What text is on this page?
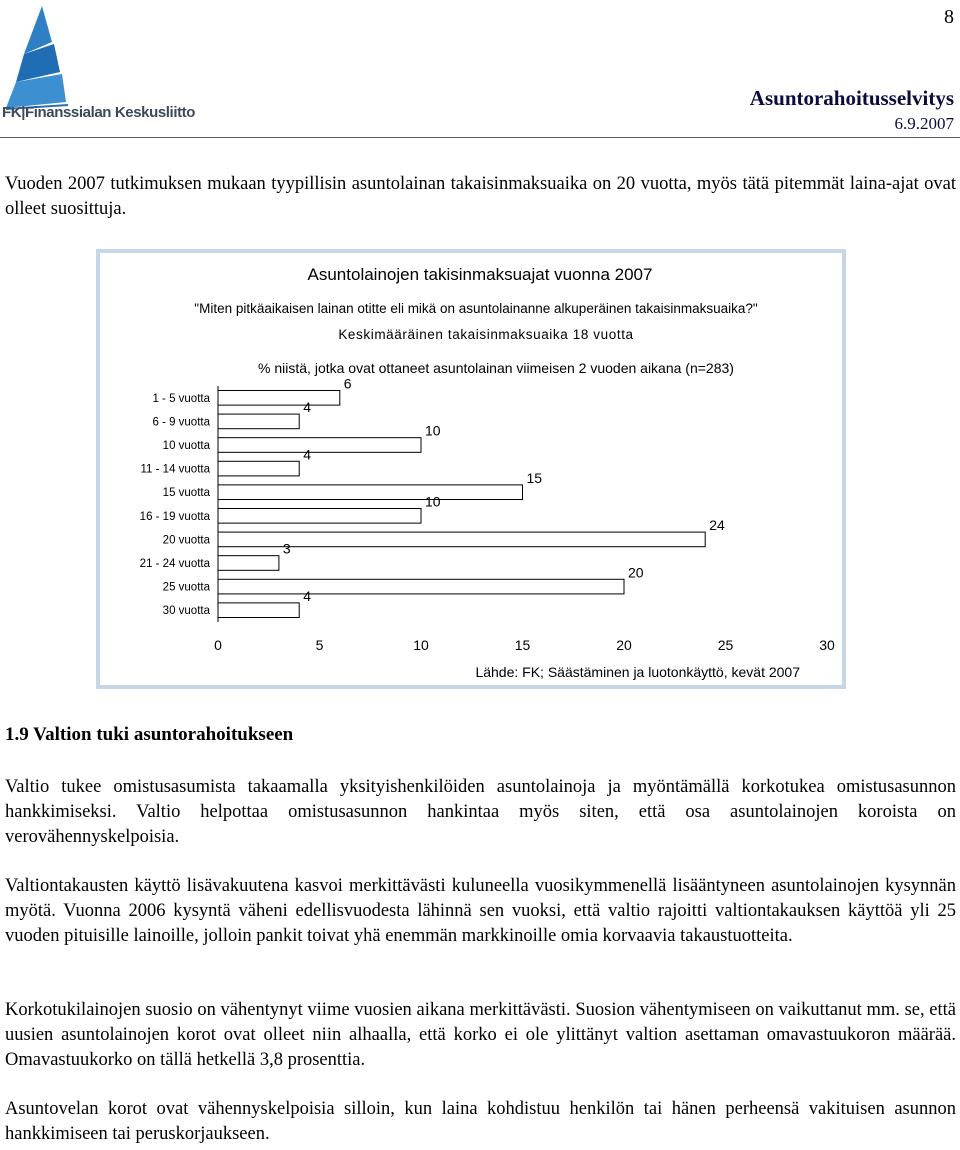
8
FK|Finanssialan Keskusliitto
Asuntorahoitusselvitys
6.9.2007

Vuoden 2007 tutkimuksen mukaan tyypillisin asuntolainan takaisinmaksuaika on 20 vuotta, myös tätä pitemmät laina-ajat ovat olleet suosittuja.

Asuntolainojen takisinmaksuajat vuonna 2007
"Miten pitkäaikaisen lainan otitte eli mikä on asuntolainanne alkuperäinen takaisinmaksuaika?"
Keskimääräinen takaisinmaksuaika 18 vuotta
% niistä, jotka ovat ottaneet asuntolainan viimeisen 2 vuoden aikana (n=283)
1 - 5 vuotta
6
6 - 9 vuotta
4
10 vuotta
10
11 - 14 vuotta
4
15 vuotta
15
16 - 19 vuotta
10
20 vuotta
24
21 - 24 vuotta
3
25 vuotta
20
30 vuotta
4
0	5	10	15	20	25	30
Lähde: FK; Säästäminen ja luotonkäyttö, kevät 2007
1.9 Valtion tuki asuntorahoitukseen

Valtio tukee omistusasumista takaamalla yksityishenkilöiden asuntolainoja ja myöntämällä korkotukea omistusasunnon hankkimiseksi. Valtio helpottaa omistusasunnon hankintaa myös siten, että osa asuntolainojen koroista on verovähennyskelpoisia.

Valtiontakausten käyttö lisävakuutena kasvoi merkittävästi kuluneella vuosikymmenellä lisääntyneen asuntolainojen kysynnän myötä. Vuonna 2006 kysyntä väheni edellisvuodesta lähinnä sen vuoksi, että valtio rajoitti valtiontakauksen käyttöä yli 25 vuoden pituisille lainoille, jolloin pankit toivat yhä enemmän markkinoille omia korvaavia takaustuotteita.

Korkotukilainojen suosio on vähentynyt viime vuosien aikana merkittävästi. Suosion vähentymiseen on vaikuttanut mm. se, että uusien asuntolainojen korot ovat olleet niin alhaalla, että korko ei ole ylittänyt valtion asettaman omavastuukoron määrää. Omavastuukorko on tällä hetkellä 3,8 prosenttia.

Asuntovelan korot ovat vähennyskelpoisia silloin, kun laina kohdistuu henkilön tai hänen perheensä vakituisen asunnon hankkimiseen tai peruskorjaukseen.
